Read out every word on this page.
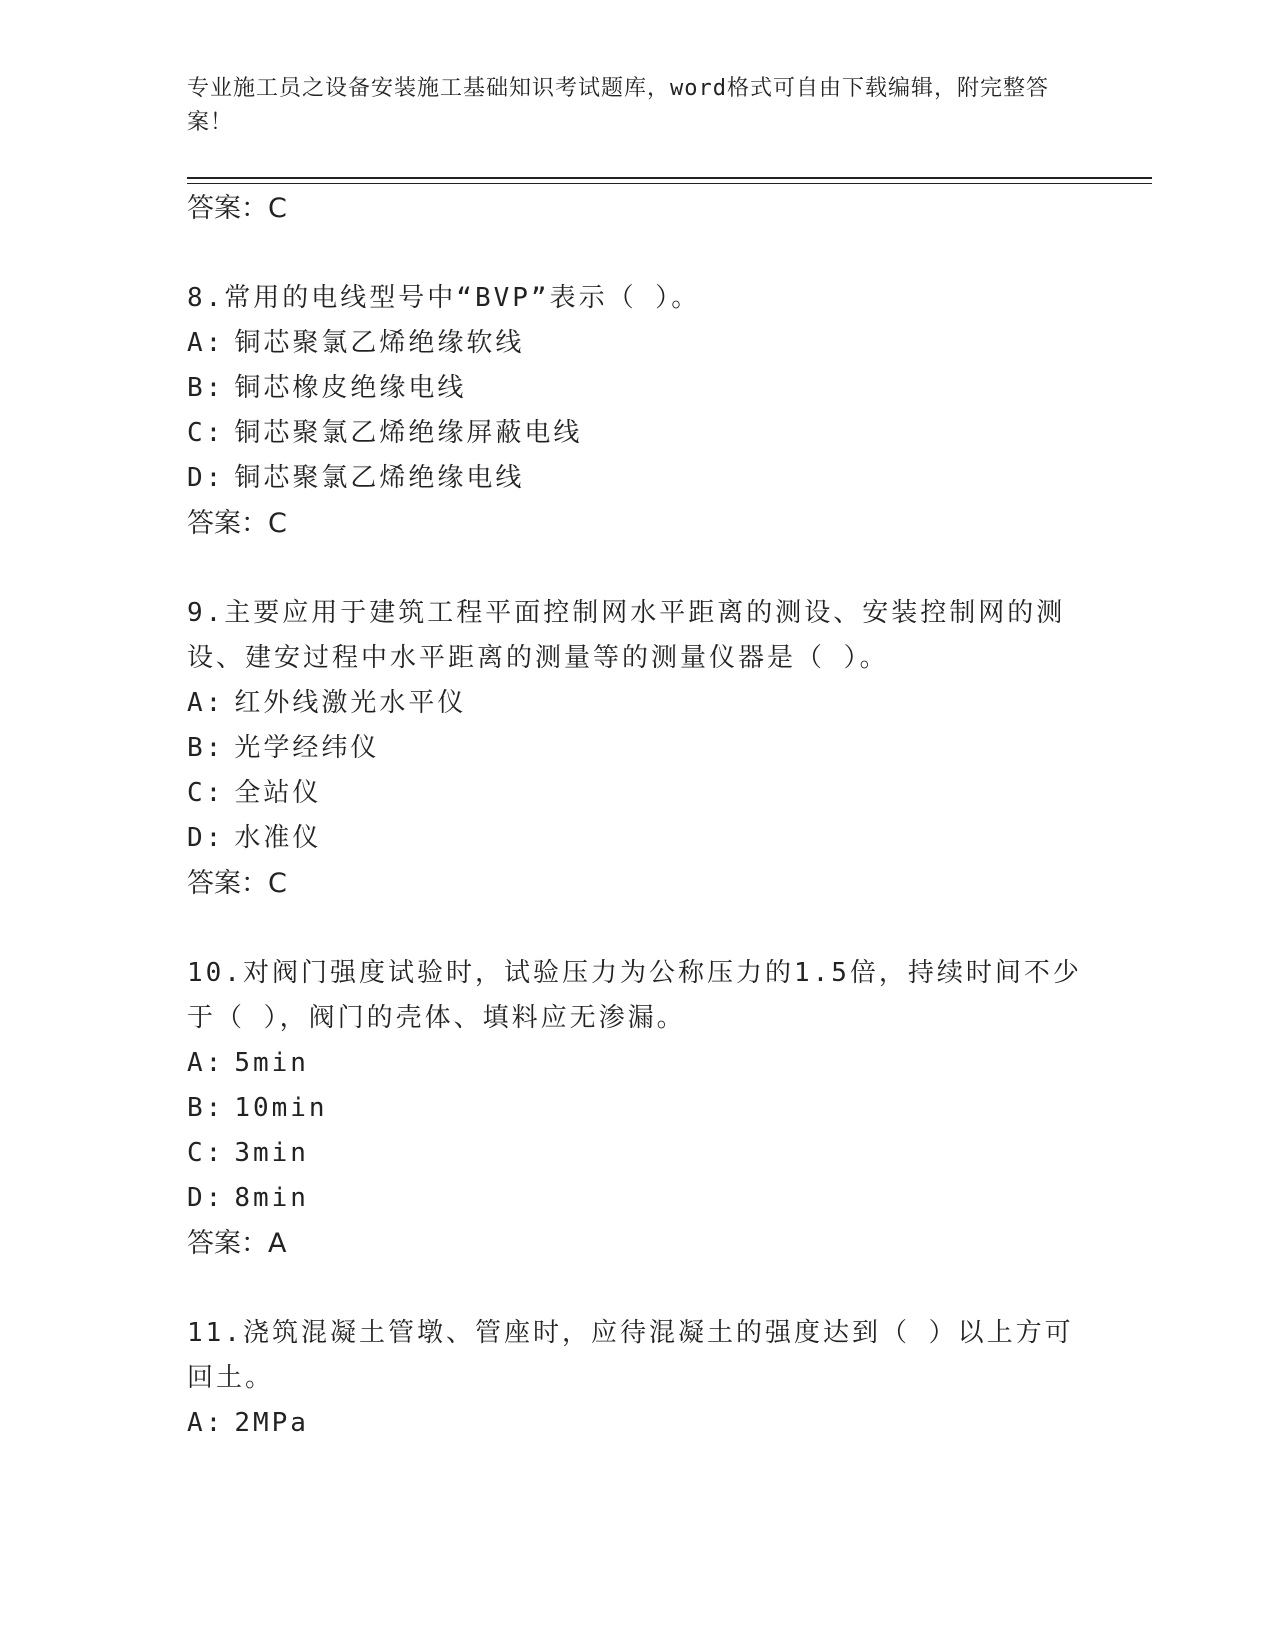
专业施工员之设备安装施工基础知识考试题库，word格式可自由下载编辑，附完整答案！
答案：C
8.常用的电线型号中“BVP”表示（ ）。
A: 铜芯聚氯乙烯绝缘软线
B: 铜芯橡皮绝缘电线
C: 铜芯聚氯乙烯绝缘屏蔽电线
D: 铜芯聚氯乙烯绝缘电线
答案：C
9.主要应用于建筑工程平面控制网水平距离的测设、安装控制网的测设、建安过程中水平距离的测量等的测量仪器是（ ）。
A: 红外线激光水平仪
B: 光学经纬仪
C: 全站仪
D: 水准仪
答案：C
10.对阀门强度试验时，试验压力为公称压力的1.5倍，持续时间不少于（ ），阀门的壳体、填料应无渗漏。
A: 5min
B: 10min
C: 3min
D: 8min
答案：A
11.浇筑混凝土管墩、管座时，应待混凝土的强度达到（ ）以上方可回土。
A: 2MPa
